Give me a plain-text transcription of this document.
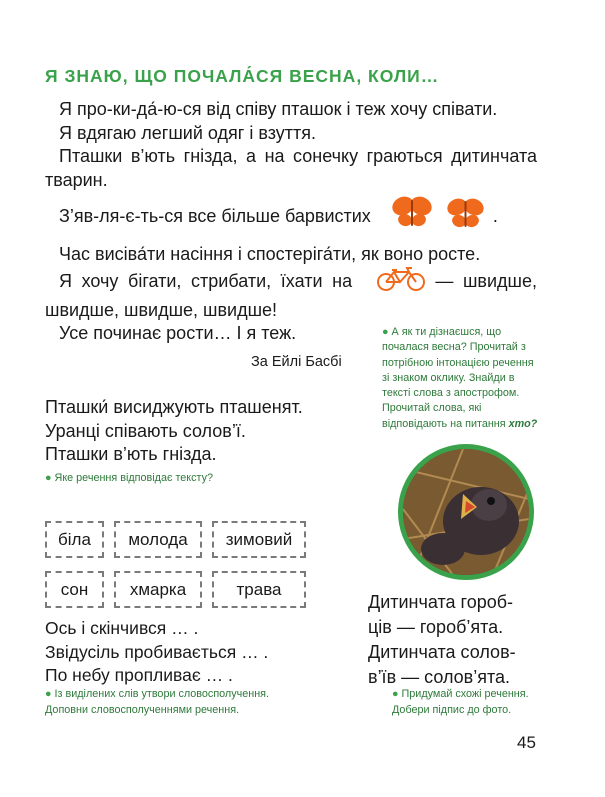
Я ЗНАЮ, ЩО ПОЧАЛА́СЯ ВЕСНА, КОЛИ…

Я про-ки-да́-ю-ся від співу пташок і теж хочу співати.

Я вдягаю легший одяг і взуття.

Пташки в’ють гнізда, а на сонечку граються дитинчата тварин.

З’яв-ля-є-ть-ся все більше барвистих	.

Час висіва́ти насіння і спостеріга́ти, як воно росте.

Я хочу бігати, стрибати, їхати на	— швидше, швидше, швидше, швидше!

Усе починає рости… І я теж.

За Ейлі Басбі
● А як ти дізнаєшся, що почалася весна? Прочитай з потрібною інтонацією речення зі знаком оклику. Знайди в тексті слова з апострофом. Прочитай слова, які відповідають на питання хто?
Пташки́ висиджують пташенят.
Уранці співають солов’ї.
Пташки в’ють гнізда.
● Яке речення відповідає тексту?
біла	молода	зимовий
сон	хмарка	трава
Ось і скінчився … .
Звідусіль пробивається … .
По небу пропливає … .
● Із виділених слів утвори словосполучення.
Доповни словосполученнями речення.
Дитинчата гороб-
ців — гороб’ята.
Дитинчата солов-
в’їв — солов’ята.
● Придумай схожі речення.
Добери підпис до фото.
45
